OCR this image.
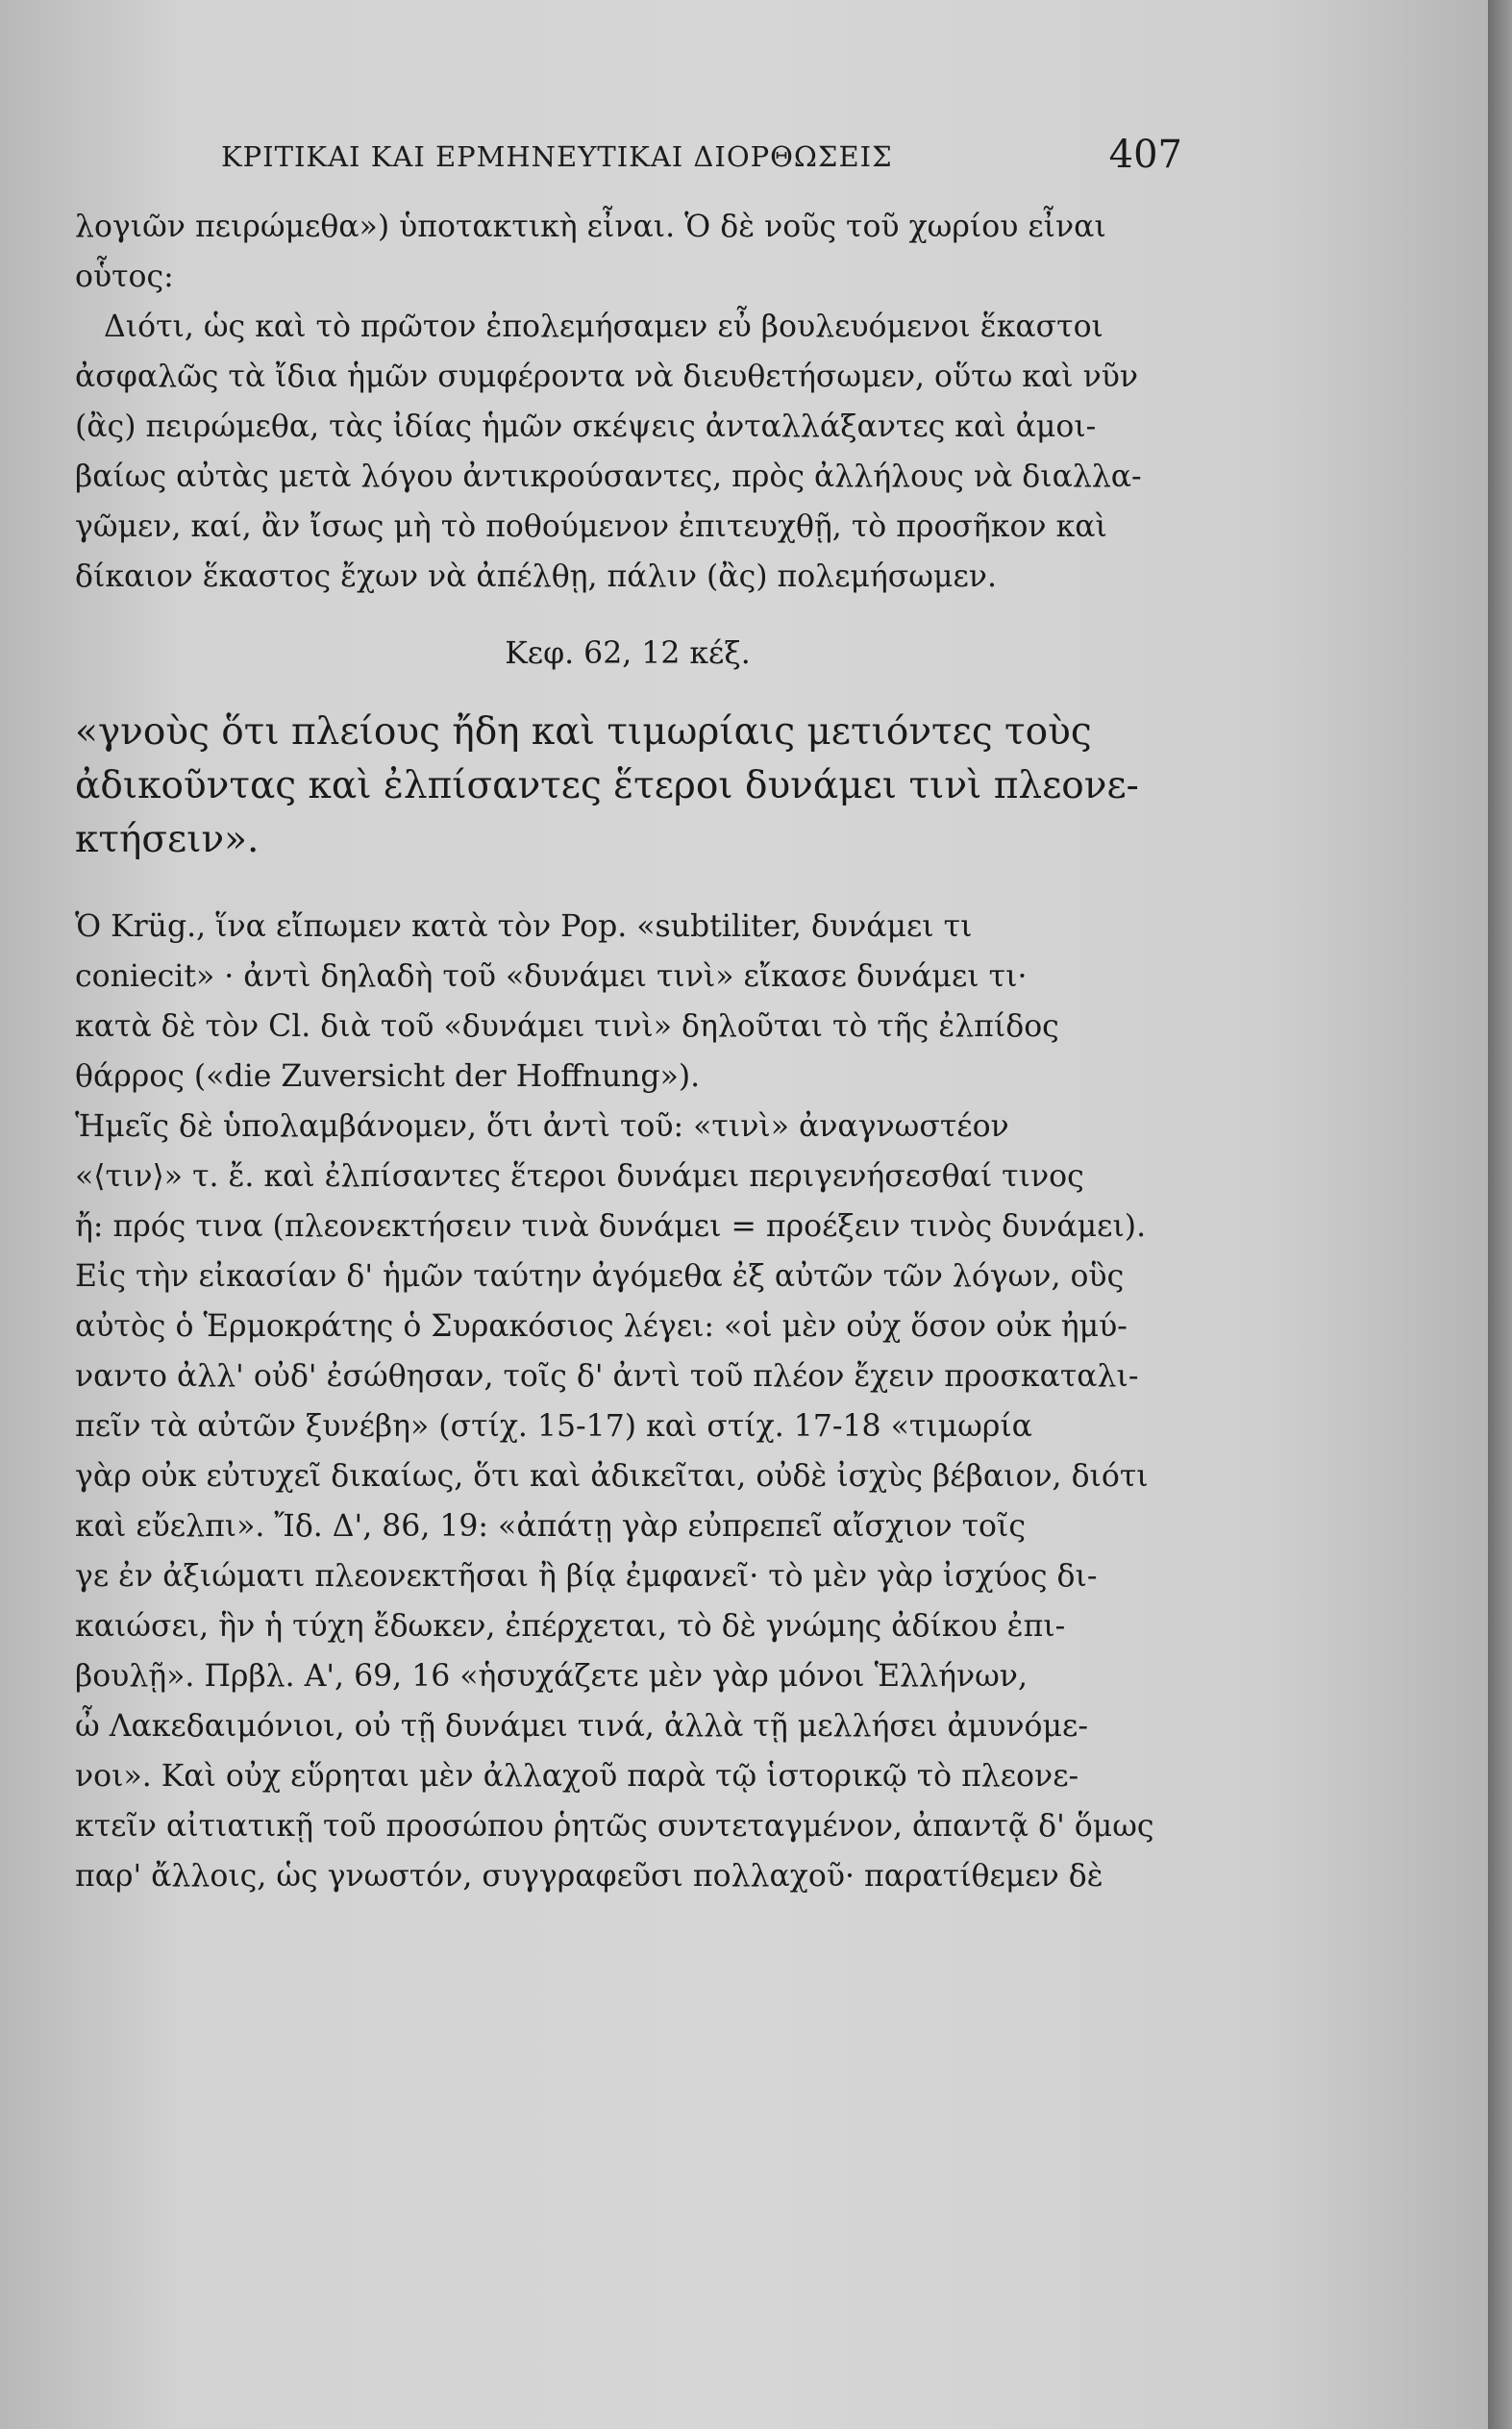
ΚΡΙΤΙΚΑΙ ΚΑΙ ΕΡΜΗΝΕΥΤΙΚΑΙ ΔΙΟΡΘΩΣΕΙΣ	407
λογιῶν πειρώμεθα») ὑποτακτικὴ εἶναι. Ὁ δὲ νοῦς τοῦ χωρίου εἶναι
οὗτος:
Διότι, ὡς καὶ τὸ πρῶτον ἐπολεμήσαμεν εὖ βουλευόμενοι ἕκαστοι
ἀσφαλῶς τὰ ἴδια ἡμῶν συμφέροντα νὰ διευθετήσωμεν, οὕτω καὶ νῦν
(ἂς) πειρώμεθα, τὰς ἰδίας ἡμῶν σκέψεις ἀνταλλάξαντες καὶ ἀμοι-
βαίως αὐτὰς μετὰ λόγου ἀντικρούσαντες, πρὸς ἀλλήλους νὰ διαλλα-
γῶμεν, καί, ἂν ἴσως μὴ τὸ ποθούμενον ἐπιτευχθῇ, τὸ προσῆκον καὶ
δίκαιον ἕκαστος ἔχων νὰ ἀπέλθῃ, πάλιν (ἂς) πολεμήσωμεν.
Κεφ. 62, 12 κέξ.
«γνοὺς ὅτι πλείους ἤδη καὶ τιμωρίαις μετιόντες τοὺς
ἀδικοῦντας καὶ ἐλπίσαντες ἕτεροι δυνάμει τινὶ πλεονε-
κτήσειν».
Ὁ Krüg., ἵνα εἴπωμεν κατὰ τὸν Pop. «subtiliter, δυνάμει τι
coniecit» · ἀντὶ δηλαδὴ τοῦ «δυνάμει τινὶ» εἴκασε δυνάμει τι·
κατὰ δὲ τὸν Cl. διὰ τοῦ «δυνάμει τινὶ» δηλοῦται τὸ τῆς ἐλπίδος
θάρρος («die Zuversicht der Hoffnung»).
Ἡμεῖς δὲ ὑπολαμβάνομεν, ὅτι ἀντὶ τοῦ: «τινὶ» ἀναγνωστέον
«⟨τιν⟩» τ. ἔ. καὶ ἐλπίσαντες ἕτεροι δυνάμει περιγενήσεσθαί τινος
ἤ: πρός τινα (πλεονεκτήσειν τινὰ δυνάμει = προέξειν τινὸς δυνάμει).
Εἰς τὴν εἰκασίαν δ' ἡμῶν ταύτην ἀγόμεθα ἐξ αὐτῶν τῶν λόγων, οὓς
αὐτὸς ὁ Ἑρμοκράτης ὁ Συρακόσιος λέγει: «οἱ μὲν οὐχ ὅσον οὐκ ἠμύ-
ναντο ἀλλ' οὐδ' ἐσώθησαν, τοῖς δ' ἀντὶ τοῦ πλέον ἔχειν προσκαταλι-
πεῖν τὰ αὐτῶν ξυνέβη» (στίχ. 15-17) καὶ στίχ. 17-18 «τιμωρία
γὰρ οὐκ εὐτυχεῖ δικαίως, ὅτι καὶ ἀδικεῖται, οὐδὲ ἰσχὺς βέβαιον, διότι
καὶ εὔελπι». Ἴδ. Δ', 86, 19: «ἀπάτῃ γὰρ εὐπρεπεῖ αἴσχιον τοῖς
γε ἐν ἀξιώματι πλεονεκτῆσαι ἢ βίᾳ ἐμφανεῖ· τὸ μὲν γὰρ ἰσχύος δι-
καιώσει, ἣν ἡ τύχη ἔδωκεν, ἐπέρχεται, τὸ δὲ γνώμης ἀδίκου ἐπι-
βουλῇ». Πρβλ. Α', 69, 16 «ἡσυχάζετε μὲν γὰρ μόνοι Ἑλλήνων,
ὦ Λακεδαιμόνιοι, οὐ τῇ δυνάμει τινά, ἀλλὰ τῇ μελλήσει ἀμυνόμε-
νοι». Καὶ οὐχ εὕρηται μὲν ἀλλαχοῦ παρὰ τῷ ἱστορικῷ τὸ πλεονε-
κτεῖν αἰτιατικῇ τοῦ προσώπου ῥητῶς συντεταγμένον, ἀπαντᾷ δ' ὅμως
παρ' ἄλλοις, ὡς γνωστόν, συγγραφεῦσι πολλαχοῦ· παρατίθεμεν δὲ
